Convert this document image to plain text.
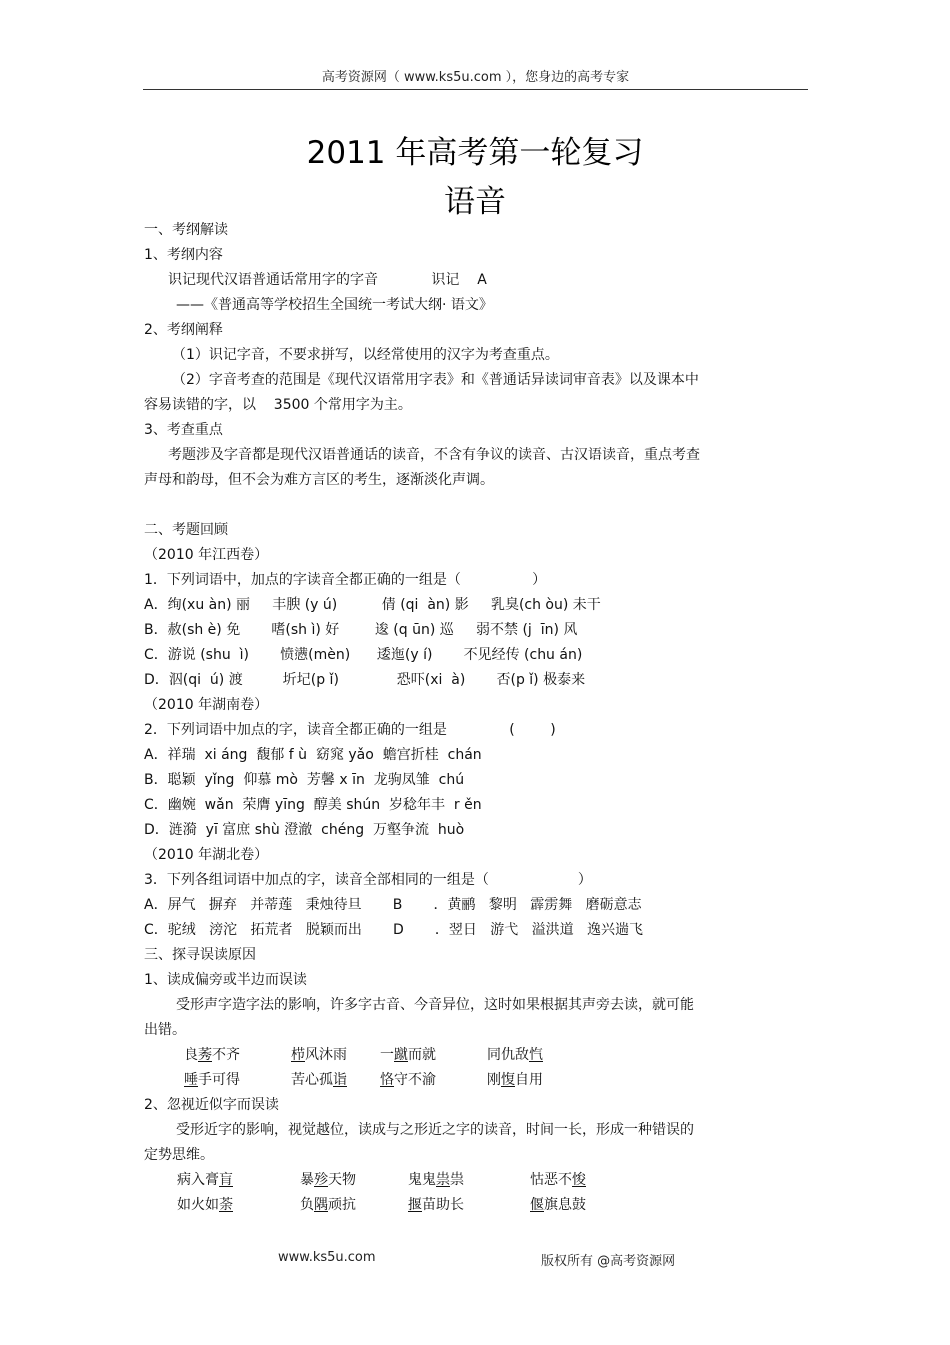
高考资源网（ www.ks5u.com ），您身边的高考专家
2011 年高考第一轮复习
语音
一、考纲解读
1、考纲内容
识记现代汉语普通话常用字的字音            识记    A
——《普通高等学校招生全国统一考试大纲· 语文》
2、考纲阐释
（1）识记字音，不要求拼写，以经常使用的汉字为考查重点。
（2）字音考查的范围是《现代汉语常用字表》和《普通话异读词审音表》以及课本中
容易读错的字，以    3500 个常用字为主。
3、考查重点
考题涉及字音都是现代汉语普通话的读音，不含有争议的读音、古汉语读音，重点考查
声母和韵母，但不会为难方言区的考生，逐渐淡化声调。
二、考题回顾
（2010 年江西卷）
1．下列词语中，加点的字读音全都正确的一组是（                ）
A．绚(xu àn) 丽     丰腴 (y ú)          倩 (qi  àn) 影     乳臭(ch òu) 未干
B．赦(sh è) 免       嗜(sh ì) 好        逡 (q ūn) 巡     弱不禁 (j  īn) 风
C．游说 (shu  ì)       愤懑(mèn)      逶迤(y í)       不见经传 (chu án)
D．泅(qi  ú) 渡         圻圮(p ǐ)             恐吓(xi  à)       否(p ǐ) 极泰来
（2010 年湖南卷）
2．下列词语中加点的字，读音全都正确的一组是              (        )
A．祥瑞  xi áng  馥郁 f ù  窈窕 yǎo  蟾宫折桂  chán
B．聪颖  yǐng  仰慕 mò  芳馨 x īn  龙驹凤雏  chú
C．幽婉  wǎn  荣膺 yīng  醇美 shún  岁稔年丰  r ěn
D．涟漪  yī 富庶 shù 澄澈  chéng  万壑争流  huò
（2010 年湖北卷）
3．下列各组词语中加点的字，读音全部相同的一组是（                    ）
A．屏气   摒弃   并蒂莲   秉烛待旦       B       ．黄鹂   黎明   霹雳舞   磨砺意志
C．驼绒   滂沱   拓荒者   脱颖而出       D       ．翌日   游弋   溢洪道   逸兴遄飞
三、探寻误读原因
1、读成偏旁或半边而误读
受形声字造字法的影响，许多字古音、今音异位，这时如果根据其声旁去读，就可能
出错。
良莠不齐	栉风沐雨 一蹴而就	同仇敌忾
唾手可得	苦心孤诣 恪守不渝	刚愎自用
2、忽视近似字而误读
受形近字的影响，视觉越位，读成与之形近之字的读音，时间一长，形成一种错误的
定势思维。
病入膏肓	暴殄天物	鬼鬼祟祟	怙恶不悛
如火如荼	负隅顽抗	揠苗助长	偃旗息鼓
www.ks5u.com	版权所有 @高考资源网
